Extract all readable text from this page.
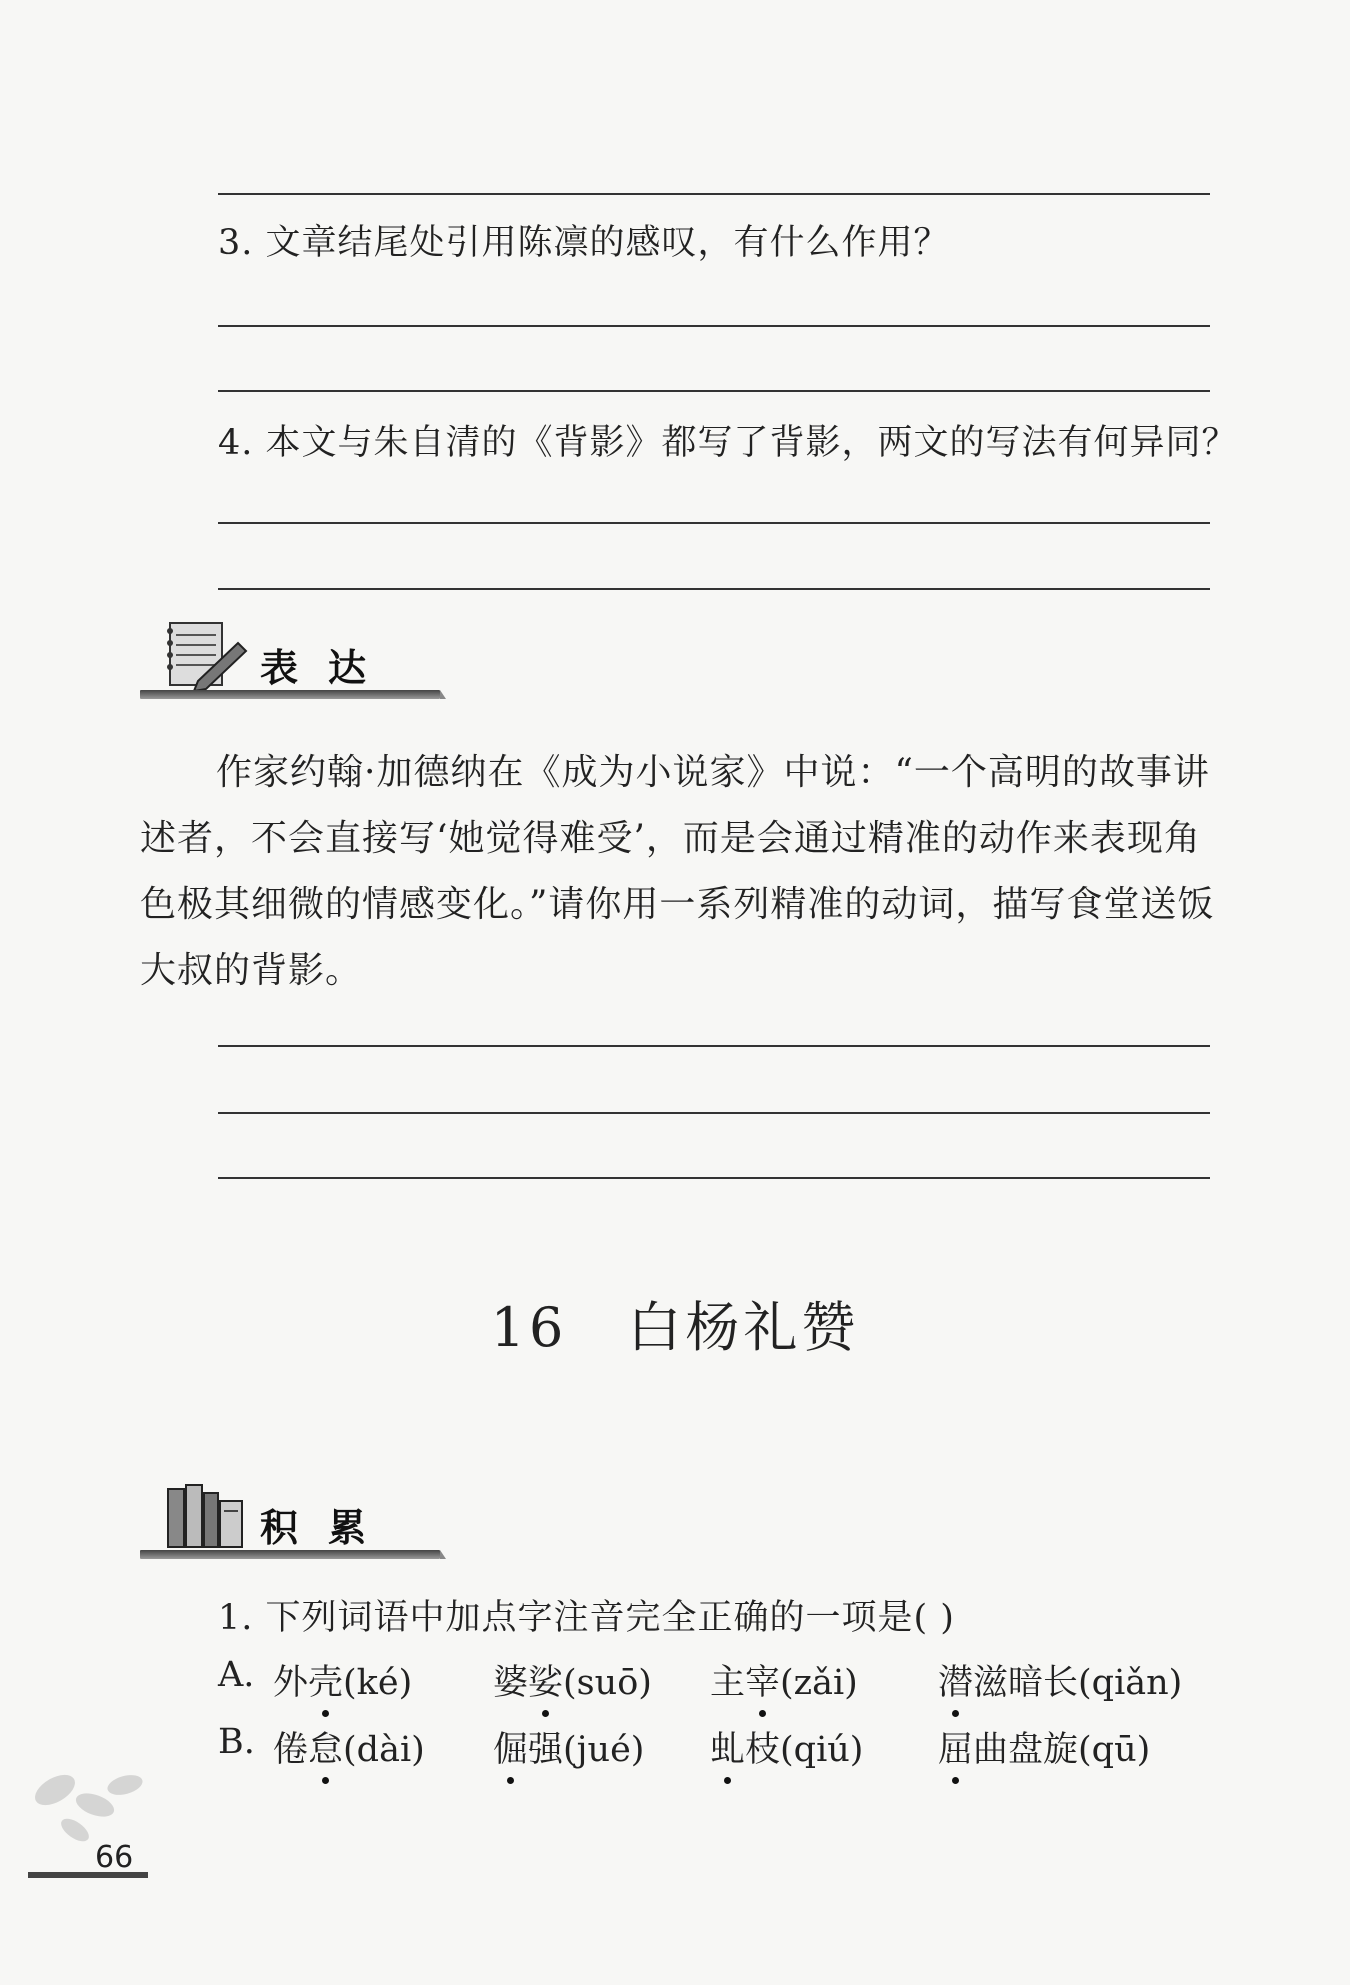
3. 文章结尾处引用陈凛的感叹，有什么作用？
4. 本文与朱自清的《背影》都写了背影，两文的写法有何异同？
表达
作家约翰·加德纳在《成为小说家》中说：“一个高明的故事讲述者，不会直接写‘她觉得难受’，而是会通过精准的动作来表现角色极其细微的情感变化。”请你用一系列精准的动词，描写食堂送饭大叔的背影。
16 白杨礼赞
积累
1. 下列词语中加点字注音完全正确的一项是( )
A. 外壳(ké) 婆娑(suō) 主宰(zǎi) 潜滋暗长(qiǎn)
B. 倦怠(dài) 倔强(jué) 虬枝(qiú) 屈曲盘旋(qū)
66
